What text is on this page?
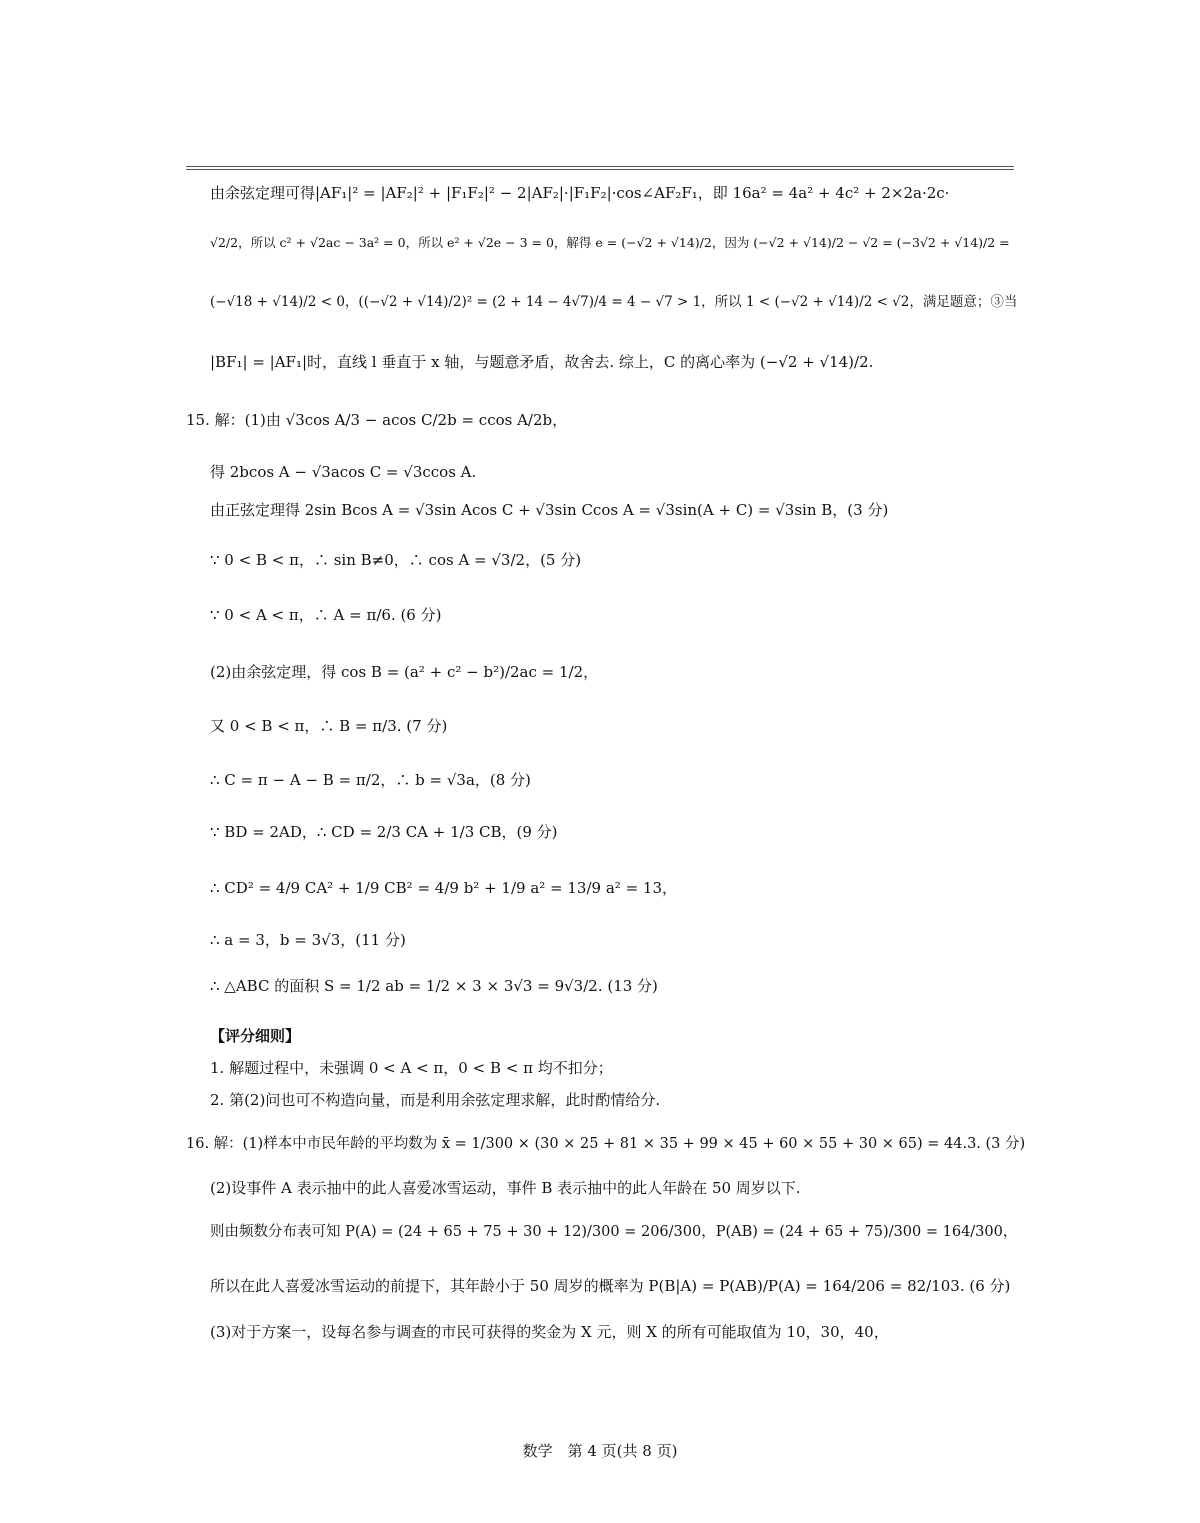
由余弦定理可得|AF₁|² = |AF₂|² + |F₁F₂|² − 2|AF₂|·|F₁F₂|·cos∠AF₂F₁，即 16a² = 4a² + 4c² + 2×2a·2c·
√2/2，所以 c² + √2ac − 3a² = 0，所以 e² + √2e − 3 = 0，解得 e = (−√2 + √14)/2，因为 (−√2 + √14)/2 − √2 = (−3√2 + √14)/2 =
(−√18 + √14)/2 < 0，((−√2 + √14)/2)² = (2 + 14 − 4√7)/4 = 4 − √7 > 1，所以 1 < (−√2 + √14)/2 < √2，满足题意；③当
|BF₁| = |AF₁|时，直线 l 垂直于 x 轴，与题意矛盾，故舍去. 综上，C 的离心率为 (−√2 + √14)/2.
15. 解：(1)由 √3cos A/3 − acos C/2b = ccos A/2b，
得 2bcos A − √3acos C = √3ccos A.
由正弦定理得 2sin Bcos A = √3sin Acos C + √3sin Ccos A = √3sin(A + C) = √3sin B，(3 分)
∵ 0 < B < π，∴ sin B≠0，∴ cos A = √3/2，(5 分)
∵ 0 < A < π，∴ A = π/6. (6 分)
(2)由余弦定理，得 cos B = (a² + c² − b²)/2ac = 1/2，
又 0 < B < π，∴ B = π/3. (7 分)
∴ C = π − A − B = π/2，∴ b = √3a，(8 分)
∵ BD = 2AD，∴ CD = 2/3 CA + 1/3 CB，(9 分)
∴ CD² = 4/9 CA² + 1/9 CB² = 4/9 b² + 1/9 a² = 13/9 a² = 13，
∴ a = 3，b = 3√3，(11 分)
∴ △ABC 的面积 S = 1/2 ab = 1/2 × 3 × 3√3 = 9√3/2. (13 分)
【评分细则】
1. 解题过程中，未强调 0 < A < π，0 < B < π 均不扣分；
2. 第(2)问也可不构造向量，而是利用余弦定理求解，此时酌情给分.
16. 解：(1)样本中市民年龄的平均数为 x̄ = 1/300 × (30 × 25 + 81 × 35 + 99 × 45 + 60 × 55 + 30 × 65) = 44.3. (3 分)
(2)设事件 A 表示抽中的此人喜爱冰雪运动，事件 B 表示抽中的此人年龄在 50 周岁以下.
则由频数分布表可知 P(A) = (24 + 65 + 75 + 30 + 12)/300 = 206/300，P(AB) = (24 + 65 + 75)/300 = 164/300，
所以在此人喜爱冰雪运动的前提下，其年龄小于 50 周岁的概率为 P(B|A) = P(AB)/P(A) = 164/206 = 82/103. (6 分)
(3)对于方案一，设每名参与调查的市民可获得的奖金为 X 元，则 X 的所有可能取值为 10，30，40，
数学　第 4 页(共 8 页)
